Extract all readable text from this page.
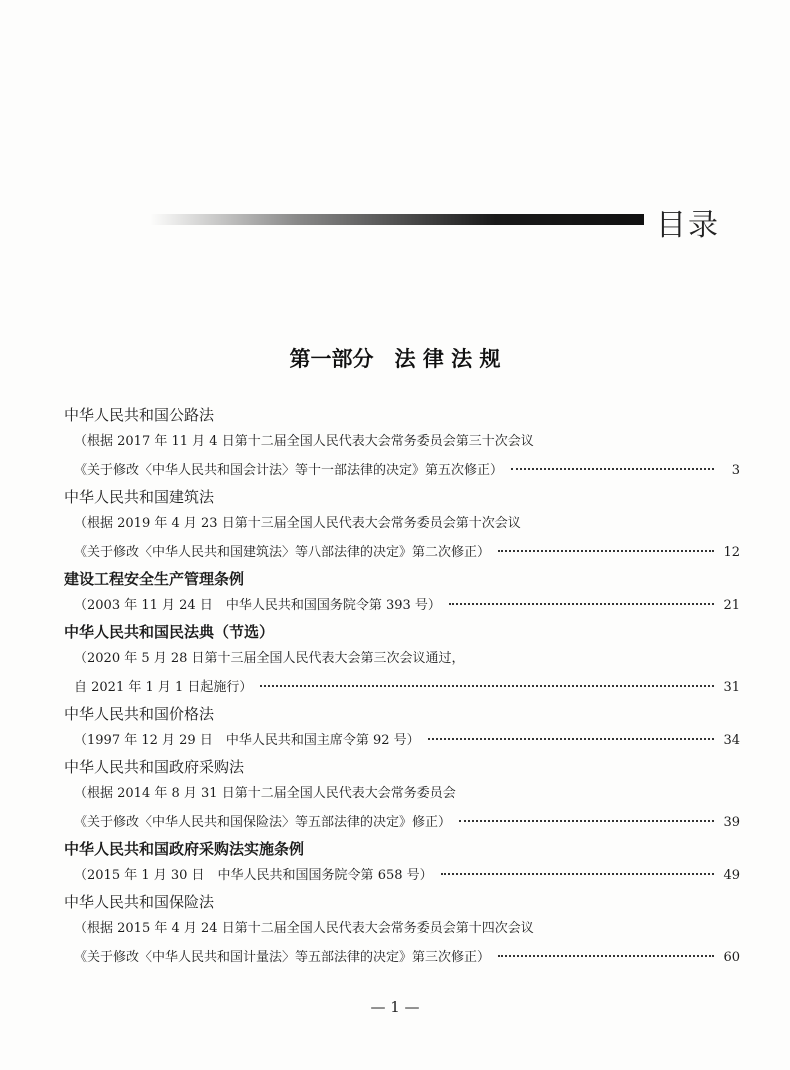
目录
第一部分　法 律 法 规
中华人民共和国公路法
（根据 2017 年 11 月 4 日第十二届全国人民代表大会常务委员会第三十次会议
《关于修改〈中华人民共和国会计法〉等十一部法律的决定》第五次修正）	3
中华人民共和国建筑法
（根据 2019 年 4 月 23 日第十三届全国人民代表大会常务委员会第十次会议
《关于修改〈中华人民共和国建筑法〉等八部法律的决定》第二次修正）	12
建设工程安全生产管理条例
（2003 年 11 月 24 日　中华人民共和国国务院令第 393 号）	21
中华人民共和国民法典（节选）
（2020 年 5 月 28 日第十三届全国人民代表大会第三次会议通过，
自 2021 年 1 月 1 日起施行）	31
中华人民共和国价格法
（1997 年 12 月 29 日　中华人民共和国主席令第 92 号）	34
中华人民共和国政府采购法
（根据 2014 年 8 月 31 日第十二届全国人民代表大会常务委员会
《关于修改〈中华人民共和国保险法〉等五部法律的决定》修正）	39
中华人民共和国政府采购法实施条例
（2015 年 1 月 30 日　中华人民共和国国务院令第 658 号）	49
中华人民共和国保险法
（根据 2015 年 4 月 24 日第十二届全国人民代表大会常务委员会第十四次会议
《关于修改〈中华人民共和国计量法〉等五部法律的决定》第三次修正）	60
— 1 —
